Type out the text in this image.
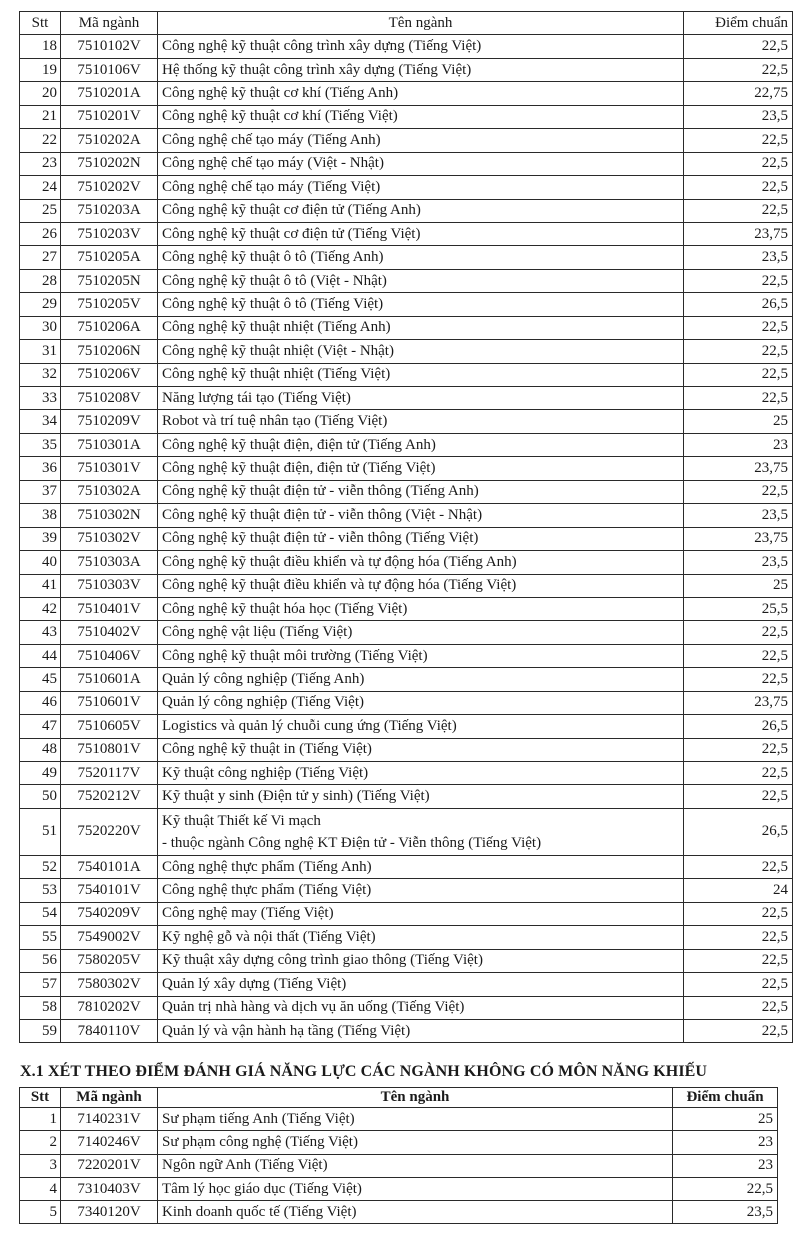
Stt	Mã ngành	Tên ngành	Điểm chuẩn
18	7510102V	Công nghệ kỹ thuật công trình xây dựng (Tiếng Việt)	22,5
19	7510106V	Hệ thống kỹ thuật công trình xây dựng (Tiếng Việt)	22,5
20	7510201A	Công nghệ kỹ thuật cơ khí (Tiếng Anh)	22,75
21	7510201V	Công nghệ kỹ thuật cơ khí (Tiếng Việt)	23,5
22	7510202A	Công nghệ chế tạo máy (Tiếng Anh)	22,5
23	7510202N	Công nghệ chế tạo máy (Việt - Nhật)	22,5
24	7510202V	Công nghệ chế tạo máy (Tiếng Việt)	22,5
25	7510203A	Công nghệ kỹ thuật cơ điện tử (Tiếng Anh)	22,5
26	7510203V	Công nghệ kỹ thuật cơ điện tử (Tiếng Việt)	23,75
27	7510205A	Công nghệ kỹ thuật ô tô (Tiếng Anh)	23,5
28	7510205N	Công nghệ kỹ thuật ô tô (Việt - Nhật)	22,5
29	7510205V	Công nghệ kỹ thuật ô tô (Tiếng Việt)	26,5
30	7510206A	Công nghệ kỹ thuật nhiệt (Tiếng Anh)	22,5
31	7510206N	Công nghệ kỹ thuật nhiệt (Việt - Nhật)	22,5
32	7510206V	Công nghệ kỹ thuật nhiệt (Tiếng Việt)	22,5
33	7510208V	Năng lượng tái tạo (Tiếng Việt)	22,5
34	7510209V	Robot và trí tuệ nhân tạo (Tiếng Việt)	25
35	7510301A	Công nghệ kỹ thuật điện, điện tử (Tiếng Anh)	23
36	7510301V	Công nghệ kỹ thuật điện, điện tử (Tiếng Việt)	23,75
37	7510302A	Công nghệ kỹ thuật điện tử - viễn thông (Tiếng Anh)	22,5
38	7510302N	Công nghệ kỹ thuật điện tử - viễn thông (Việt - Nhật)	23,5
39	7510302V	Công nghệ kỹ thuật điện tử - viễn thông (Tiếng Việt)	23,75
40	7510303A	Công nghệ kỹ thuật điều khiển và tự động hóa (Tiếng Anh)	23,5
41	7510303V	Công nghệ kỹ thuật điều khiển và tự động hóa (Tiếng Việt)	25
42	7510401V	Công nghệ kỹ thuật hóa học (Tiếng Việt)	25,5
43	7510402V	Công nghệ vật liệu (Tiếng Việt)	22,5
44	7510406V	Công nghệ kỹ thuật môi trường (Tiếng Việt)	22,5
45	7510601A	Quản lý công nghiệp (Tiếng Anh)	22,5
46	7510601V	Quản lý công nghiệp (Tiếng Việt)	23,75
47	7510605V	Logistics và quản lý chuỗi cung ứng (Tiếng Việt)	26,5
48	7510801V	Công nghệ kỹ thuật in (Tiếng Việt)	22,5
49	7520117V	Kỹ thuật công nghiệp (Tiếng Việt)	22,5
50	7520212V	Kỹ thuật y sinh (Điện tử y sinh) (Tiếng Việt)	22,5
51	7520220V	Kỹ thuật Thiết kế Vi mạch
- thuộc ngành Công nghệ KT Điện tử - Viễn thông (Tiếng Việt)	26,5
52	7540101A	Công nghệ thực phẩm (Tiếng Anh)	22,5
53	7540101V	Công nghệ thực phẩm (Tiếng Việt)	24
54	7540209V	Công nghệ may (Tiếng Việt)	22,5
55	7549002V	Kỹ nghệ gỗ và nội thất (Tiếng Việt)	22,5
56	7580205V	Kỹ thuật xây dựng công trình giao thông (Tiếng Việt)	22,5
57	7580302V	Quản lý xây dựng (Tiếng Việt)	22,5
58	7810202V	Quản trị nhà hàng và dịch vụ ăn uống (Tiếng Việt)	22,5
59	7840110V	Quản lý và vận hành hạ tầng (Tiếng Việt)	22,5
X.1 XÉT THEO ĐIỂM ĐÁNH GIÁ NĂNG LỰC CÁC NGÀNH KHÔNG CÓ MÔN NĂNG KHIẾU
Stt	Mã ngành	Tên ngành	Điểm chuẩn
1	7140231V	Sư phạm tiếng Anh (Tiếng Việt)	25
2	7140246V	Sư phạm công nghệ (Tiếng Việt)	23
3	7220201V	Ngôn ngữ Anh (Tiếng Việt)	23
4	7310403V	Tâm lý học giáo dục (Tiếng Việt)	22,5
5	7340120V	Kinh doanh quốc tế (Tiếng Việt)	23,5
